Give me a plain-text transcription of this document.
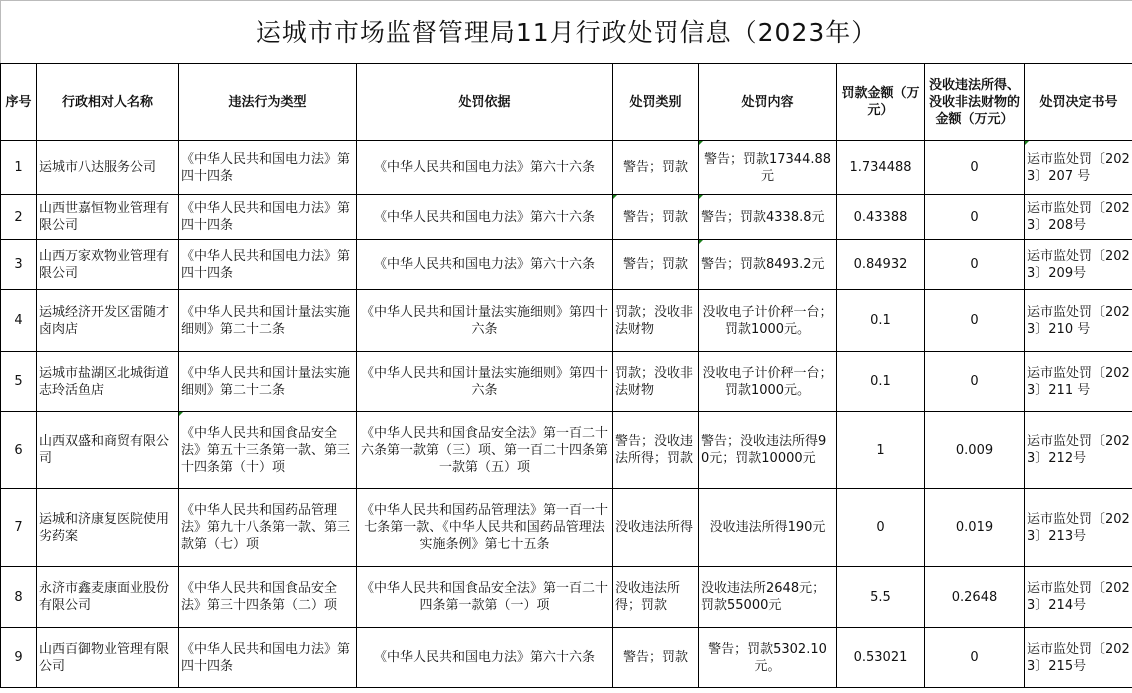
运城市市场监督管理局11月行政处罚信息（2023年）								
序号	行政相对人名称	违法行为类型	处罚依据	处罚类别	处罚内容	罚款金额（万元）	没收违法所得、没收非法财物的金额（万元）	处罚决定书号
1	运城市八达服务公司	《中华人民共和国电力法》第四十四条	《中华人民共和国电力法》第六十六条	警告；罚款	警告；罚款17344.88元	1.734488	0	运市监处罚〔2023〕207 号
2	山西世嘉恒物业管理有限公司	《中华人民共和国电力法》第四十四条	《中华人民共和国电力法》第六十六条	警告；罚款	警告；罚款4338.8元	0.43388	0	运市监处罚〔2023〕208号
3	山西万家欢物业管理有限公司	《中华人民共和国电力法》第四十四条	《中华人民共和国电力法》第六十六条	警告；罚款	警告；罚款8493.2元	0.84932	0	运市监处罚〔2023〕209号
4	运城经济开发区雷随才卤肉店	《中华人民共和国计量法实施细则》第二十二条	《中华人民共和国计量法实施细则》第四十六条	罚款；没收非法财物	没收电子计价秤一台；罚款1000元。	0.1	0	运市监处罚〔2023〕210 号
5	运城市盐湖区北城街道志玲活鱼店	《中华人民共和国计量法实施细则》第二十二条	《中华人民共和国计量法实施细则》第四十六条	罚款；没收非法财物	没收电子计价秤一台；罚款1000元。	0.1	0	运市监处罚〔2023〕211 号
6	山西双盛和商贸有限公司	《中华人民共和国食品安全法》第五十三条第一款、第三十四条第（十）项	《中华人民共和国食品安全法》第一百二十六条第一款第（三）项、第一百二十四条第一款第（五）项	警告；没收违法所得；罚款	警告；没收违法所得90元；罚款10000元	1	0.009	运市监处罚〔2023〕212号
7	运城和济康复医院使用劣药案	《中华人民共和国药品管理法》第九十八条第一款、第三款第（七）项	《中华人民共和国药品管理法》第一百一十七条第一款、《中华人民共和国药品管理法实施条例》第七十五条	没收违法所得	没收违法所得190元	0	0.019	运市监处罚〔2023〕213号
8	永济市鑫麦康面业股份有限公司	《中华人民共和国食品安全法》第三十四条第（二）项	《中华人民共和国食品安全法》第一百二十四条第一款第（一）项	没收违法所得；罚款	没收违法所2648元；罚款55000元	5.5	0.2648	运市监处罚〔2023〕214号
9	山西百御物业管理有限公司	《中华人民共和国电力法》第四十四条	《中华人民共和国电力法》第六十六条	警告；罚款	警告；罚款5302.10元。	0.53021	0	运市监处罚〔2023〕215号
